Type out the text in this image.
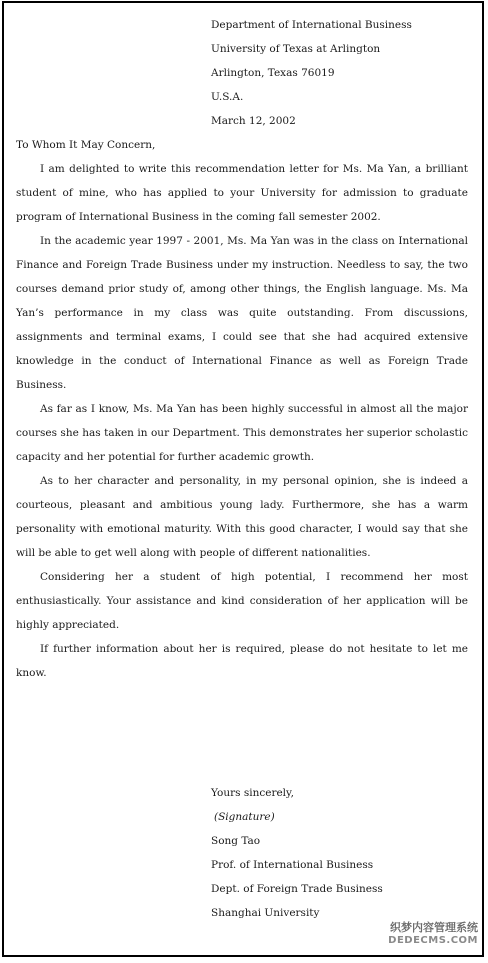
Department of International Business
University of Texas at Arlington
Arlington, Texas 76019
U.S.A.
March 12, 2002
To Whom It May Concern,

I am delighted to write this recommendation letter for Ms. Ma Yan, a brilliant student of mine, who has applied to your University for admission to graduate program of International Business in the coming fall semester 2002.

In the academic year 1997 - 2001, Ms. Ma Yan was in the class on International Finance and Foreign Trade Business under my instruction. Needless to say, the two courses demand prior study of, among other things, the English language. Ms. Ma Yan’s performance in my class was quite outstanding. From discussions, assignments and terminal exams, I could see that she had acquired extensive knowledge in the conduct of International Finance as well as Foreign Trade Business.

As far as I know, Ms. Ma Yan has been highly successful in almost all the major courses she has taken in our Department. This demonstrates her superior scholastic capacity and her potential for further academic growth.

As to her character and personality, in my personal opinion, she is indeed a courteous, pleasant and ambitious young lady. Furthermore, she has a warm personality with emotional maturity. With this good character, I would say that she will be able to get well along with people of different nationalities.

Considering her a student of high potential, I recommend her most enthusiastically. Your assistance and kind consideration of her application will be highly appreciated.

If further information about her is required, please do not hesitate to let me know.

Yours sincerely,
(Signature)
Song Tao
Prof. of International Business
Dept. of Foreign Trade Business
Shanghai University
织梦内容管理系统
DEDECMS.COM
